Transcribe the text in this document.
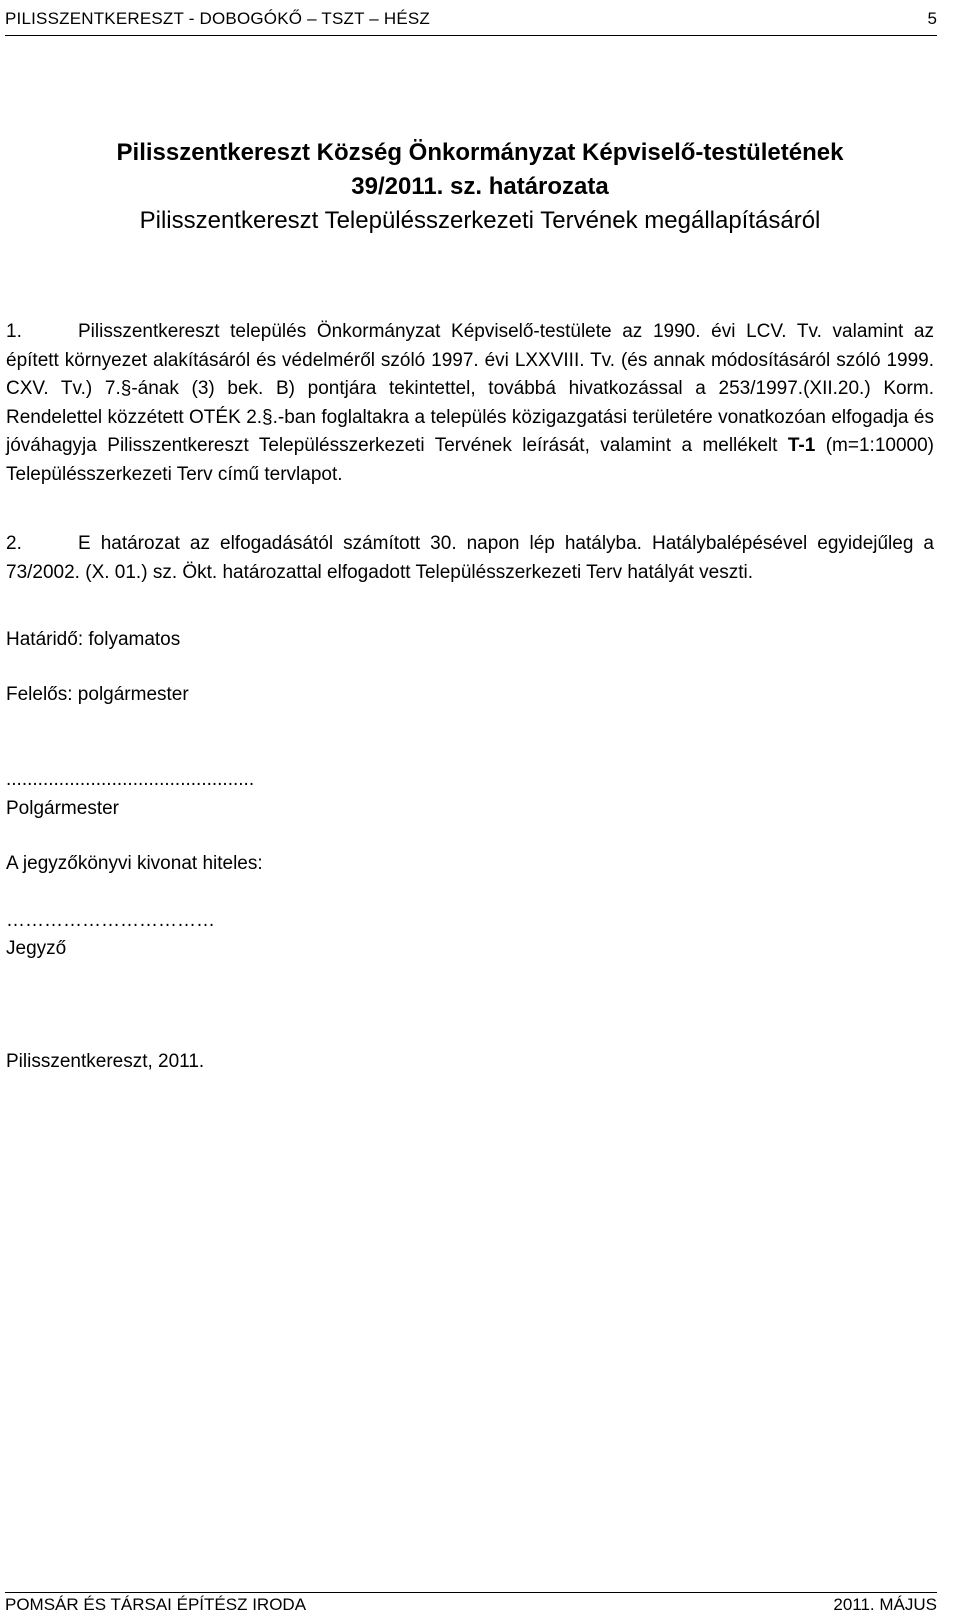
PILISSZENTKERESZT - DOBOGÓKŐ – TSZT – HÉSZ	5
Pilisszentkereszt Község Önkormányzat Képviselő-testületének
39/2011. sz. határozata
Pilisszentkereszt Településszerkezeti Tervének megállapításáról
1.	Pilisszentkereszt település Önkormányzat Képviselő-testülete az 1990. évi LCV. Tv. valamint az épített környezet alakításáról és védelméről szóló 1997. évi LXXVIII. Tv. (és annak módosításáról szóló 1999. CXV. Tv.) 7.§-ának (3) bek. B) pontjára tekintettel, továbbá hivatkozással a 253/1997.(XII.20.) Korm. Rendelettel közzétett OTÉK 2.§.-ban foglaltakra a település közigazgatási területére vonatkozóan elfogadja és jóváhagyja Pilisszentkereszt Településszerkezeti Tervének leírását, valamint a mellékelt T-1 (m=1:10000) Településszerkezeti Terv című tervlapot.
2.	E határozat az elfogadásától számított 30. napon lép hatályba. Hatálybalépésével egyidejűleg a 73/2002. (X. 01.) sz. Ökt. határozattal elfogadott Településszerkezeti Terv hatályát veszti.
Határidő: folyamatos
Felelős: polgármester
...............................................
Polgármester
A jegyzőkönyvi kivonat hiteles:
……………………………
Jegyző
Pilisszentkereszt, 2011.
POMSÁR ÉS TÁRSAI ÉPÍTÉSZ IRODA	2011. MÁJUS
